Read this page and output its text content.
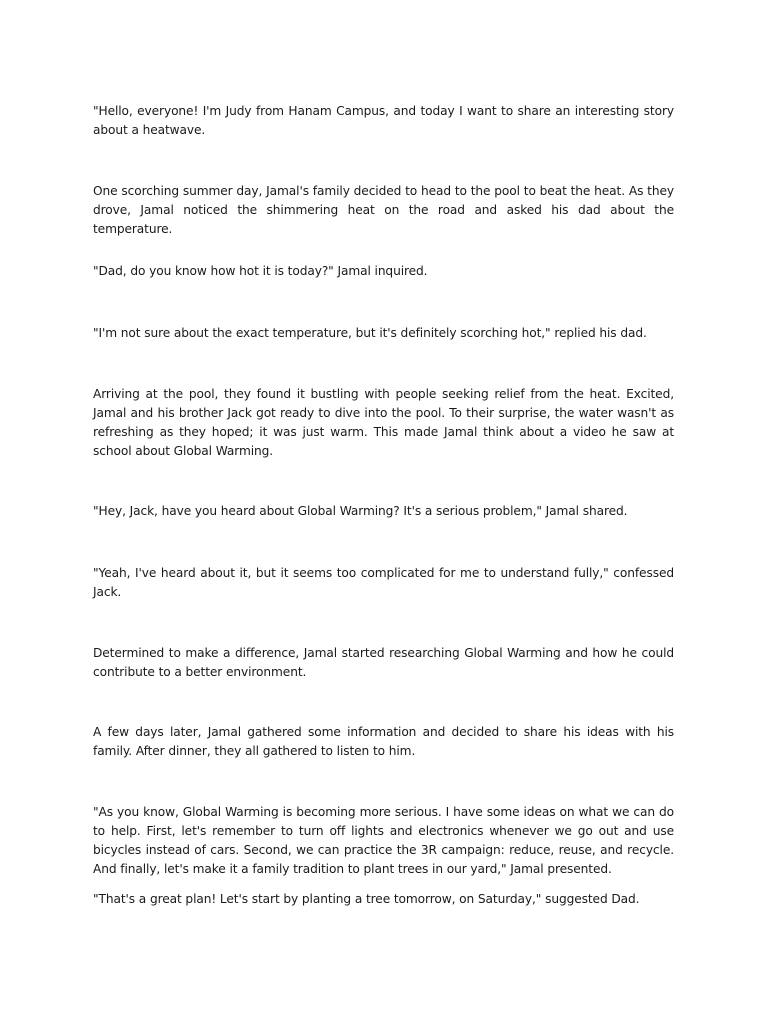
"Hello, everyone! I'm Judy from Hanam Campus, and today I want to share an interesting story about a heatwave.

One scorching summer day, Jamal's family decided to head to the pool to beat the heat. As they drove, Jamal noticed the shimmering heat on the road and asked his dad about the temperature.

"Dad, do you know how hot it is today?" Jamal inquired.

"I'm not sure about the exact temperature, but it's definitely scorching hot," replied his dad.

Arriving at the pool, they found it bustling with people seeking relief from the heat. Excited, Jamal and his brother Jack got ready to dive into the pool. To their surprise, the water wasn't as refreshing as they hoped; it was just warm. This made Jamal think about a video he saw at school about Global Warming.

"Hey, Jack, have you heard about Global Warming? It's a serious problem," Jamal shared.

"Yeah, I've heard about it, but it seems too complicated for me to understand fully," confessed Jack.

Determined to make a difference, Jamal started researching Global Warming and how he could contribute to a better environment.

A few days later, Jamal gathered some information and decided to share his ideas with his family. After dinner, they all gathered to listen to him.

"As you know, Global Warming is becoming more serious. I have some ideas on what we can do to help. First, let's remember to turn off lights and electronics whenever we go out and use bicycles instead of cars. Second, we can practice the 3R campaign: reduce, reuse, and recycle. And finally, let's make it a family tradition to plant trees in our yard," Jamal presented.

"That's a great plan! Let's start by planting a tree tomorrow, on Saturday," suggested Dad.
